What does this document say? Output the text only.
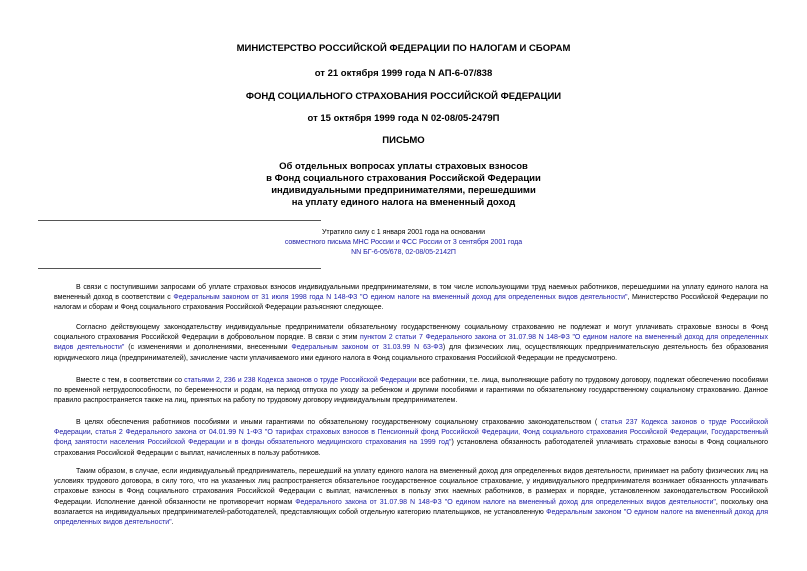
МИНИСТЕРСТВО РОССИЙСКОЙ ФЕДЕРАЦИИ ПО НАЛОГАМ И СБОРАМ

от 21 октября 1999 года N АП-6-07/838

ФОНД СОЦИАЛЬНОГО СТРАХОВАНИЯ РОССИЙСКОЙ ФЕДЕРАЦИИ

от 15 октября 1999 года N 02-08/05-2479П

ПИСЬМО

Об отдельных вопросах уплаты страховых взносов
в Фонд социального страхования Российской Федерации
индивидуальными предпринимателями, перешедшими
на уплату единого налога на вмененный доход
Утратило силу с 1 января 2001 года на основании
совместного письма МНС России и ФСС России от 3 сентября 2001 года
NN БГ-6-05/678, 02-08/05-2142П

В связи с поступившими запросами об уплате страховых взносов индивидуальными предпринимателями, в том числе использующими труд наемных работников, перешедшими на уплату единого налога на вмененный доход в соответствии с Федеральным законом от 31 июля 1998 года N 148-ФЗ "О едином налоге на вмененный доход для определенных видов деятельности", Министерство Российской Федерации по налогам и сборам и Фонд социального страхования Российской Федерации разъясняют следующее.

Согласно действующему законодательству индивидуальные предприниматели обязательному государственному социальному страхованию не подлежат и могут уплачивать страховые взносы в Фонд социального страхования Российской Федерации в добровольном порядке. В связи с этим пунктом 2 статьи 7 Федерального закона от 31.07.98 N 148-ФЗ "О едином налоге на вмененный доход для определенных видов деятельности" (с изменениями и дополнениями, внесенными Федеральным законом от 31.03.99 N 63-ФЗ) для физических лиц, осуществляющих предпринимательскую деятельность без образования юридического лица (предпринимателей), зачисление части уплачиваемого ими единого налога в Фонд социального страхования Российской Федерации не предусмотрено.

Вместе с тем, в соответствии со статьями 2, 236 и 238 Кодекса законов о труде Российской Федерации все работники, т.е. лица, выполняющие работу по трудовому договору, подлежат обеспечению пособиями по временной нетрудоспособности, по беременности и родам, на период отпуска по уходу за ребенком и другими пособиями и гарантиями по обязательному государственному социальному страхованию. Данное правило распространяется также на лиц, принятых на работу по трудовому договору индивидуальным предпринимателем.

В целях обеспечения работников пособиями и иными гарантиями по обязательному государственному социальному страхованию законодательством ( статья 237 Кодекса законов о труде Российской Федерации, статья 2 Федерального закона от 04.01.99 N 1-ФЗ "О тарифах страховых взносов в Пенсионный фонд Российской Федерации, Фонд социального страхования Российской Федерации, Государственный фонд занятости населения Российской Федерации и в фонды обязательного медицинского страхования на 1999 год") установлена обязанность работодателей уплачивать страховые взносы в Фонд социального страхования Российской Федерации с выплат, начисленных в пользу работников.

Таким образом, в случае, если индивидуальный предприниматель, перешедший на уплату единого налога на вмененный доход для определенных видов деятельности, принимает на работу физических лиц на условиях трудового договора, в силу того, что на указанных лиц распространяется обязательное государственное социальное страхование, у индивидуального предпринимателя возникает обязанность уплачивать страховые взносы в Фонд социального страхования Российской Федерации с выплат, начисленных в пользу этих наемных работников, в размерах и порядке, установленном законодательством Российской Федерации. Исполнение данной обязанности не противоречит нормам Федерального закона от 31.07.98 N 148-ФЗ "О едином налоге на вмененный доход для определенных видов деятельности", поскольку она возлагается на индивидуальных предпринимателей-работодателей, представляющих собой отдельную категорию плательщиков, не установленную Федеральным законом "О едином налоге на вмененный доход для определенных видов деятельности".
